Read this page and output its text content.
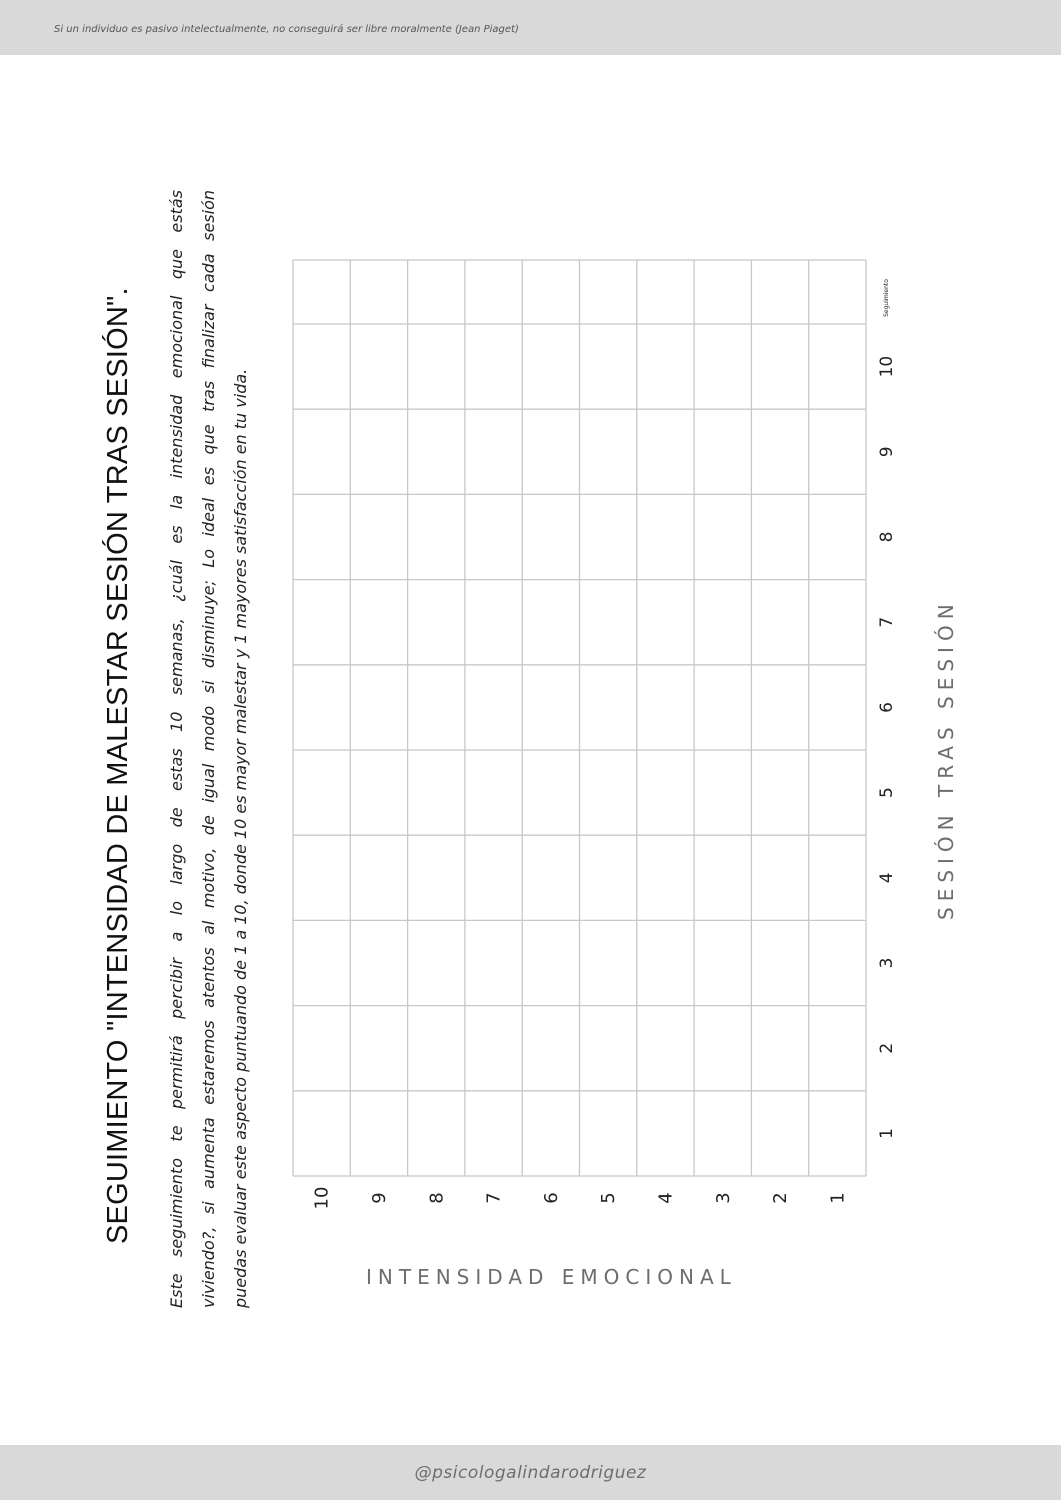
Si un individuo es pasivo intelectualmente, no conseguirá ser libre moralmente (Jean Piaget)
SEGUIMIENTO "INTENSIDAD DE MALESTAR SESIÓN TRAS SESIÓN".	Este seguimiento te permitirá percibir a lo largo de estas 10 semanas, ¿cuál es la intensidad emocional que estás viviendo?, si aumenta estaremos atentos al motivo, de igual modo si disminuye; Lo ideal es que tras finalizar cada sesión puedas evaluar este aspecto puntuando de 1 a 10, donde 10 es mayor malestar y 1 mayores satisfacción en tu vida.	10 9 8 7 6 5 4 3 2 1
1
2
3
4
5
6
7
8
9
10
Seguimiento
INTENSIDAD EMOCIONAL
SESIÓN TRAS SESIÓN
@psicologalindarodriguez
